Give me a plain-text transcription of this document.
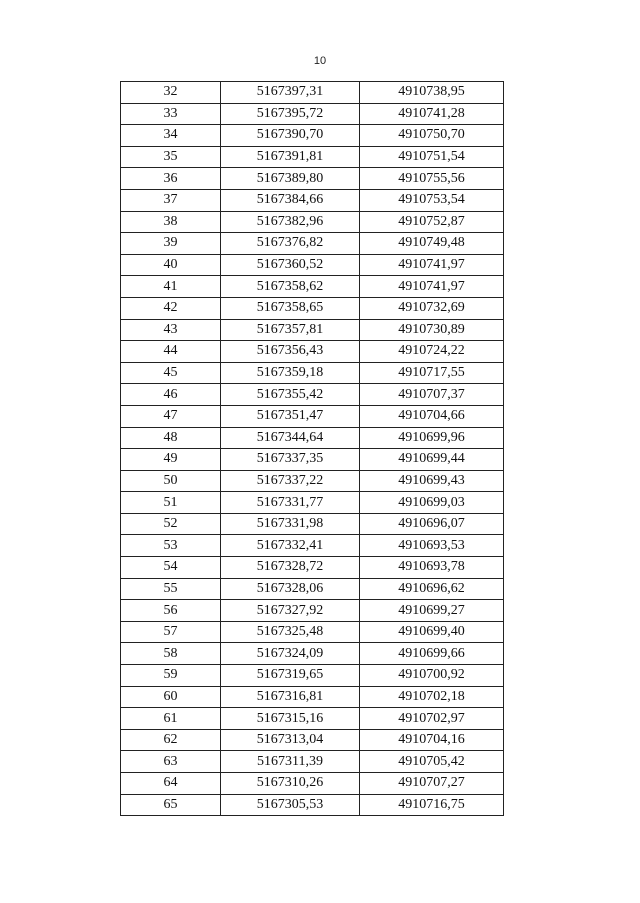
10
32	5167397,31	4910738,95
33	5167395,72	4910741,28
34	5167390,70	4910750,70
35	5167391,81	4910751,54
36	5167389,80	4910755,56
37	5167384,66	4910753,54
38	5167382,96	4910752,87
39	5167376,82	4910749,48
40	5167360,52	4910741,97
41	5167358,62	4910741,97
42	5167358,65	4910732,69
43	5167357,81	4910730,89
44	5167356,43	4910724,22
45	5167359,18	4910717,55
46	5167355,42	4910707,37
47	5167351,47	4910704,66
48	5167344,64	4910699,96
49	5167337,35	4910699,44
50	5167337,22	4910699,43
51	5167331,77	4910699,03
52	5167331,98	4910696,07
53	5167332,41	4910693,53
54	5167328,72	4910693,78
55	5167328,06	4910696,62
56	5167327,92	4910699,27
57	5167325,48	4910699,40
58	5167324,09	4910699,66
59	5167319,65	4910700,92
60	5167316,81	4910702,18
61	5167315,16	4910702,97
62	5167313,04	4910704,16
63	5167311,39	4910705,42
64	5167310,26	4910707,27
65	5167305,53	4910716,75
